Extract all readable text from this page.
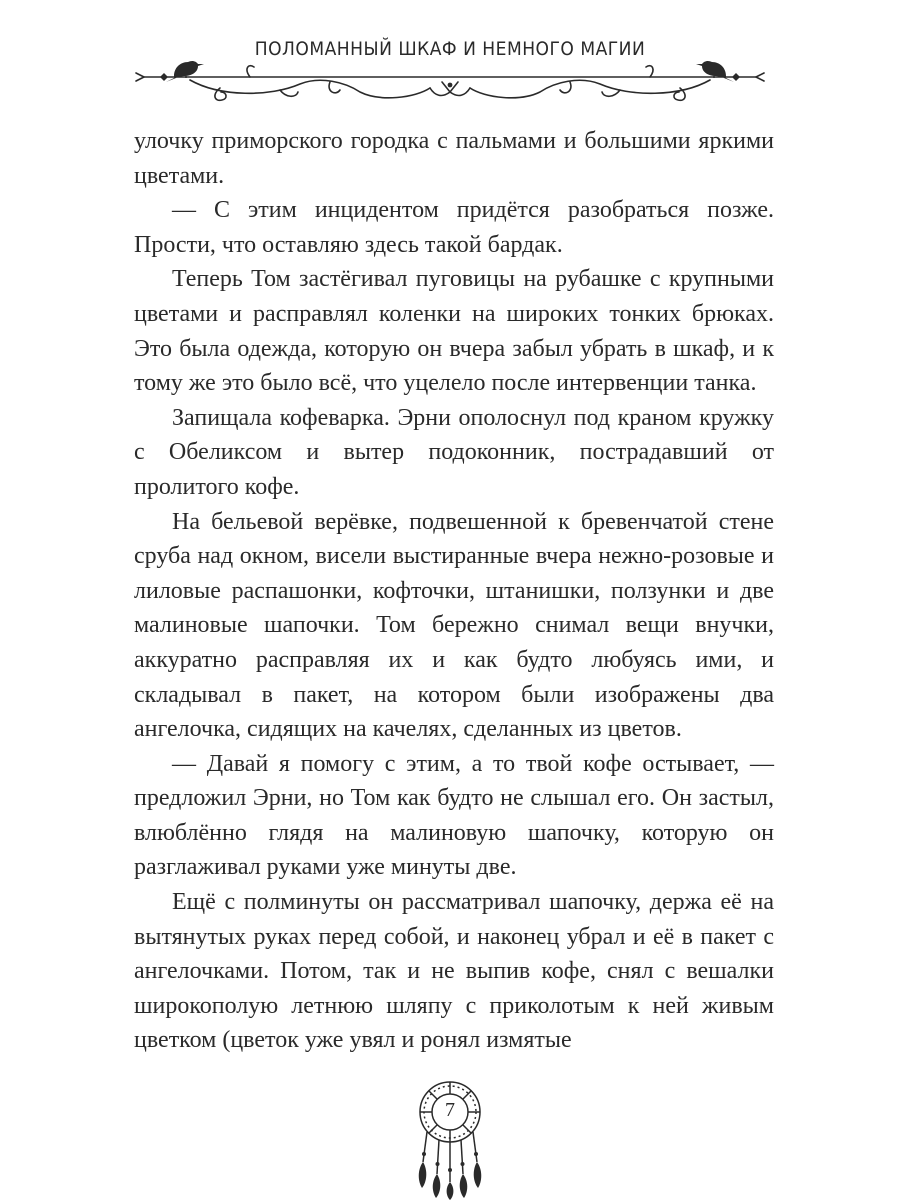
ПОЛОМАННЫЙ ШКАФ И НЕМНОГО МАГИИ

улочку приморского городка с пальмами и большими яркими цветами.

— С этим инцидентом придётся разобраться позже. Прости, что оставляю здесь такой бардак.

Теперь Том застёгивал пуговицы на рубашке с крупными цветами и расправлял коленки на широких тонких брюках. Это была одежда, которую он вчера забыл убрать в шкаф, и к тому же это было всё, что уцелело после интервенции танка.

Запищала кофеварка. Эрни ополоснул под краном кружку с Обеликсом и вытер подоконник, пострадавший от пролитого кофе.

На бельевой верёвке, подвешенной к бревенчатой стене сруба над окном, висели выстиранные вчера нежно-розовые и лиловые распашонки, кофточки, штанишки, ползунки и две малиновые шапочки. Том бережно снимал вещи внучки, аккуратно расправляя их и как будто любуясь ими, и складывал в пакет, на котором были изображены два ангелочка, сидящих на качелях, сделанных из цветов.

— Давай я помогу с этим, а то твой кофе остывает, — предложил Эрни, но Том как будто не слышал его. Он застыл, влюблённо глядя на малиновую шапочку, которую он разглаживал руками уже минуты две.

Ещё с полминуты он рассматривал шапочку, держа её на вытянутых руках перед собой, и наконец убрал и её в пакет с ангелочками. Потом, так и не выпив кофе, снял с вешалки широкополую летнюю шляпу с приколотым к ней живым цветком (цветок уже увял и ронял измятые

7
